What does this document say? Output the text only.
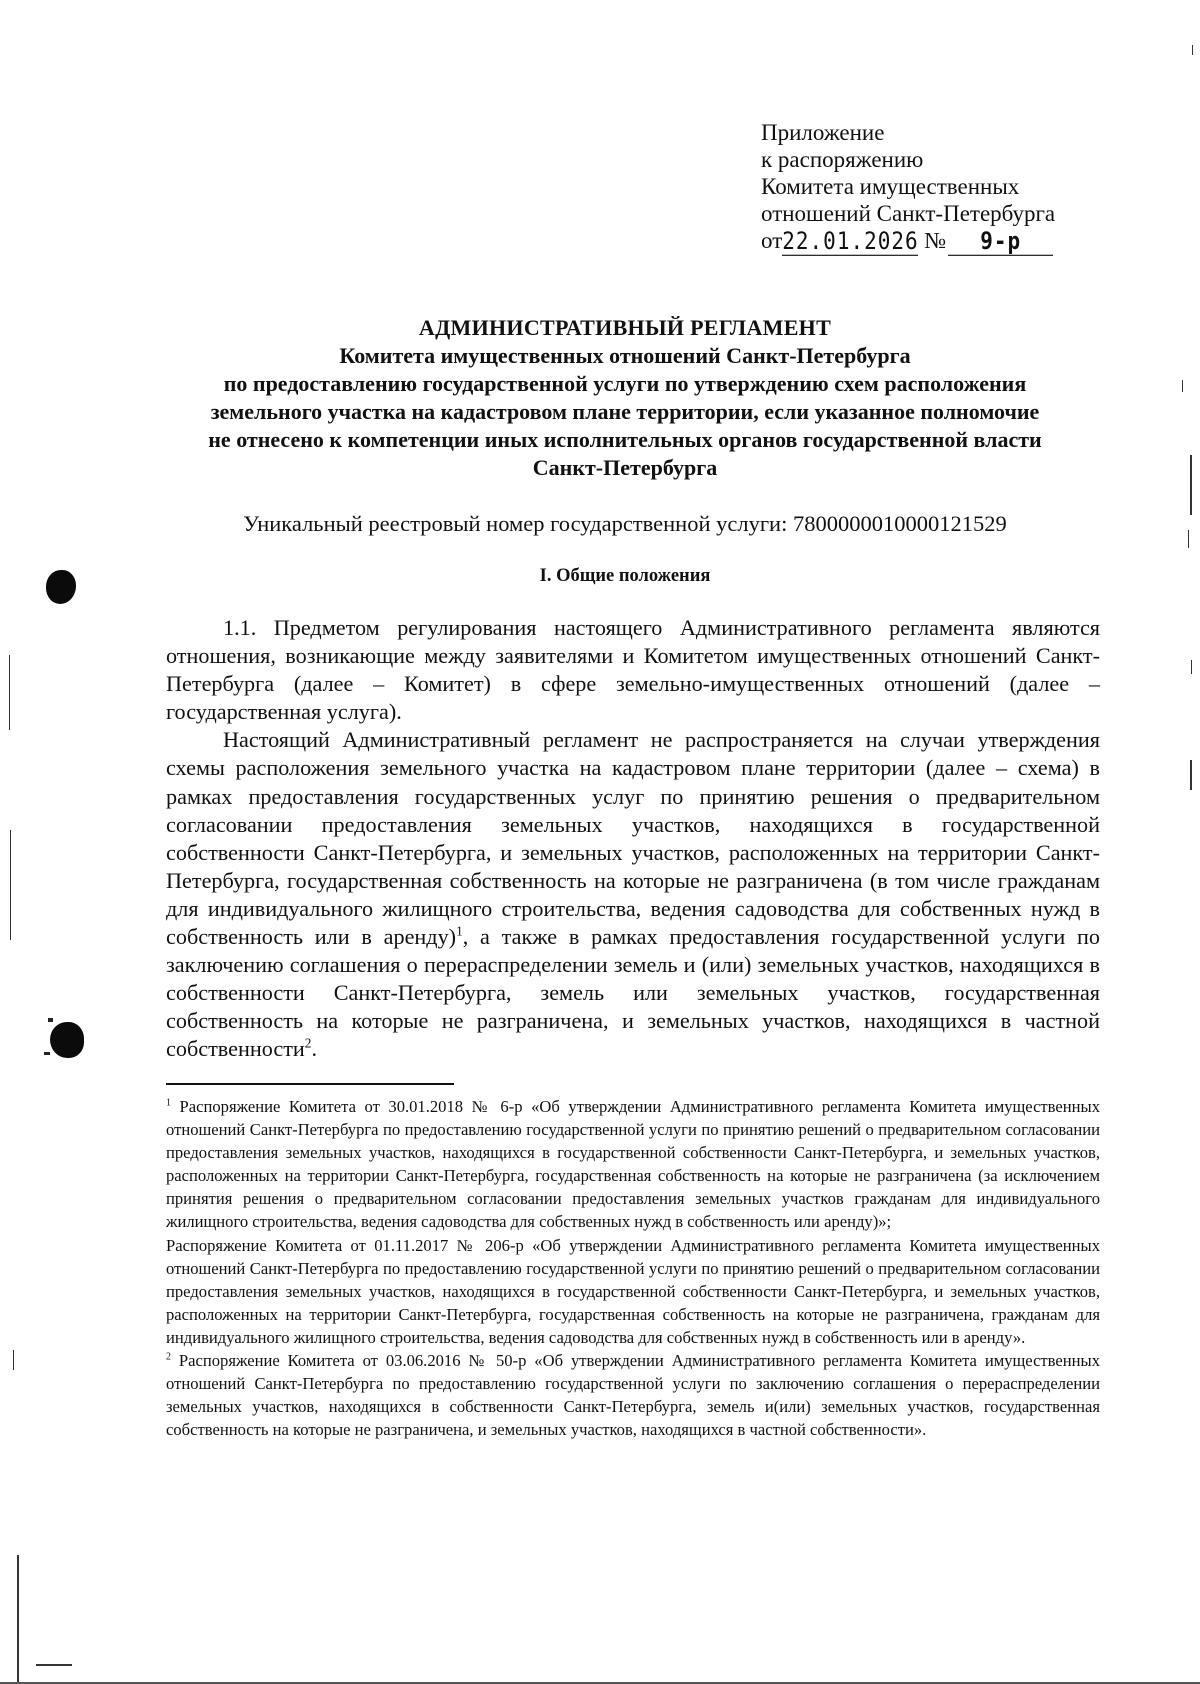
Приложение
к распоряжению
Комитета имущественных
отношений Санкт-Петербурга
от 22.01.2026 №	9-р
АДМИНИСТРАТИВНЫЙ РЕГЛАМЕНТ
Комитета имущественных отношений Санкт-Петербурга
по предоставлению государственной услуги по утверждению схем расположения
земельного участка на кадастровом плане территории, если указанное полномочие
не отнесено к компетенции иных исполнительных органов государственной власти
Санкт-Петербурга
Уникальный реестровый номер государственной услуги: 7800000010000121529
I. Общие положения

1.1. Предметом регулирования настоящего Административного регламента являются отношения, возникающие между заявителями и Комитетом имущественных отношений Санкт-Петербурга (далее – Комитет) в сфере земельно-имущественных отношений (далее – государственная услуга).

Настоящий Административный регламент не распространяется на случаи утверждения схемы расположения земельного участка на кадастровом плане территории (далее – схема) в рамках предоставления государственных услуг по принятию решения о предварительном согласовании предоставления земельных участков, находящихся в государственной собственности Санкт-Петербурга, и земельных участков, расположенных на территории Санкт-Петербурга, государственная собственность на которые не разграничена (в том числе гражданам для индивидуального жилищного строительства, ведения садоводства для собственных нужд в собственность или в аренду)$^1$, а также в рамках предоставления государственной услуги по заключению соглашения о перераспределении земель и (или) земельных участков, находящихся в собственности Санкт-Петербурга, земель или земельных участков, государственная собственность на которые не разграничена, и земельных участков, находящихся в частной собственности$^2$.

$^1$ Распоряжение Комитета от 30.01.2018 № 6-р «Об утверждении Административного регламента Комитета имущественных отношений Санкт-Петербурга по предоставлению государственной услуги по принятию решений о предварительном согласовании предоставления земельных участков, находящихся в государственной собственности Санкт-Петербурга, и земельных участков, расположенных на территории Санкт-Петербурга, государственная собственность на которые не разграничена (за исключением принятия решения о предварительном согласовании предоставления земельных участков гражданам для индивидуального жилищного строительства, ведения садоводства для собственных нужд в собственность или аренду)»;

Распоряжение Комитета от 01.11.2017 № 206-р «Об утверждении Административного регламента Комитета имущественных отношений Санкт-Петербурга по предоставлению государственной услуги по принятию решений о предварительном согласовании предоставления земельных участков, находящихся в государственной собственности Санкт-Петербурга, и земельных участков, расположенных на территории Санкт-Петербурга, государственная собственность на которые не разграничена, гражданам для индивидуального жилищного строительства, ведения садоводства для собственных нужд в собственность или в аренду».

$^2$ Распоряжение Комитета от 03.06.2016 № 50-р «Об утверждении Административного регламента Комитета имущественных отношений Санкт-Петербурга по предоставлению государственной услуги по заключению соглашения о перераспределении земельных участков, находящихся в собственности Санкт-Петербурга, земель и(или) земельных участков, государственная собственность на которые не разграничена, и земельных участков, находящихся в частной собственности».
